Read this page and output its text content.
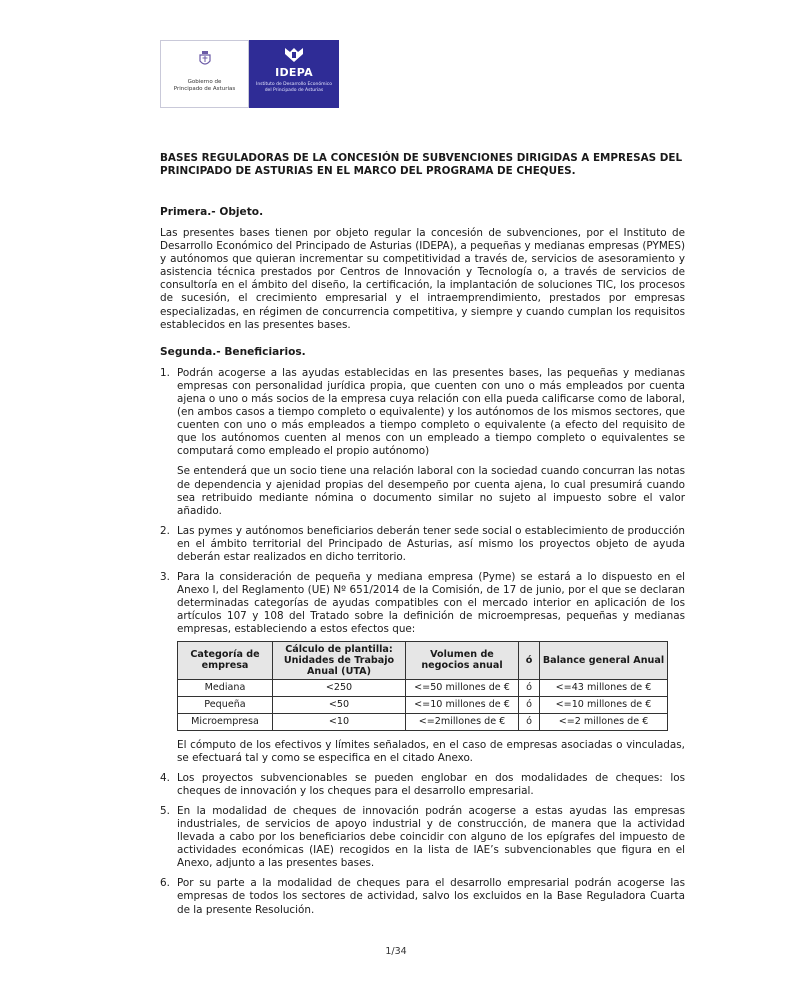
Gobierno de
Principado de Asturias
IDEPA
Instituto de Desarrollo Económico
del Principado de Asturias

BASES REGULADORAS DE LA CONCESIÓN DE SUBVENCIONES DIRIGIDAS A EMPRESAS DEL PRINCIPADO DE ASTURIAS EN EL MARCO DEL PROGRAMA DE CHEQUES.

Primera.- Objeto.

Las presentes bases tienen por objeto regular la concesión de subvenciones, por el Instituto de Desarrollo Económico del Principado de Asturias (IDEPA), a pequeñas y medianas empresas (PYMES) y autónomos que quieran incrementar su competitividad a través de, servicios de asesoramiento y asistencia técnica prestados por Centros de Innovación y Tecnología o, a través de servicios de consultoría en el ámbito del diseño, la certificación, la implantación de soluciones TIC, los procesos de sucesión, el crecimiento empresarial y el intraemprendimiento, prestados por empresas especializadas, en régimen de concurrencia competitiva, y siempre y cuando cumplan los requisitos establecidos en las presentes bases.

Segunda.- Beneficiarios.
1. Podrán acogerse a las ayudas establecidas en las presentes bases, las pequeñas y medianas empresas con personalidad jurídica propia, que cuenten con uno o más empleados por cuenta ajena o uno o más socios de la empresa cuya relación con ella pueda calificarse como de laboral, (en ambos casos a tiempo completo o equivalente) y los autónomos de los mismos sectores, que cuenten con uno o más empleados a tiempo completo o equivalente (a efecto del requisito de que los autónomos cuenten al menos con un empleado a tiempo completo o equivalentes se computará como empleado el propio autónomo)
Se entenderá que un socio tiene una relación laboral con la sociedad cuando concurran las notas de dependencia y ajenidad propias del desempeño por cuenta ajena, lo cual presumirá cuando sea retribuido mediante nómina o documento similar no sujeto al impuesto sobre el valor añadido.
2. Las pymes y autónomos beneficiarios deberán tener sede social o establecimiento de producción en el ámbito territorial del Principado de Asturias, así mismo los proyectos objeto de ayuda deberán estar realizados en dicho territorio.
3. Para la consideración de pequeña y mediana empresa (Pyme) se estará a lo dispuesto en el Anexo I, del Reglamento (UE) Nº 651/2014 de la Comisión, de 17 de junio, por el que se declaran determinadas categorías de ayudas compatibles con el mercado interior en aplicación de los artículos 107 y 108 del Tratado sobre la definición de microempresas, pequeñas y medianas empresas, estableciendo a estos efectos que:
Categoría de empresa	Cálculo de plantilla: Unidades de Trabajo Anual (UTA)	Volumen de negocios anual	ó	Balance general Anual
Mediana	<250	<=50 millones de €	ó	<=43 millones de €
Pequeña	<50	<=10 millones de €	ó	<=10 millones de €
Microempresa	<10	<=2millones de €	ó	<=2 millones de €

El cómputo de los efectivos y límites señalados, en el caso de empresas asociadas o vinculadas, se efectuará tal y como se especifica en el citado Anexo.

4. Los proyectos subvencionables se pueden englobar en dos modalidades de cheques: los cheques de innovación y los cheques para el desarrollo empresarial.
5. En la modalidad de cheques de innovación podrán acogerse a estas ayudas las empresas industriales, de servicios de apoyo industrial y de construcción, de manera que la actividad llevada a cabo por los beneficiarios debe coincidir con alguno de los epígrafes del impuesto de actividades económicas (IAE) recogidos en la lista de IAE’s subvencionables que figura en el Anexo, adjunto a las presentes bases.
6. Por su parte a la modalidad de cheques para el desarrollo empresarial podrán acogerse las empresas de todos los sectores de actividad, salvo los excluidos en la Base Reguladora Cuarta de la presente Resolución.
1/34
